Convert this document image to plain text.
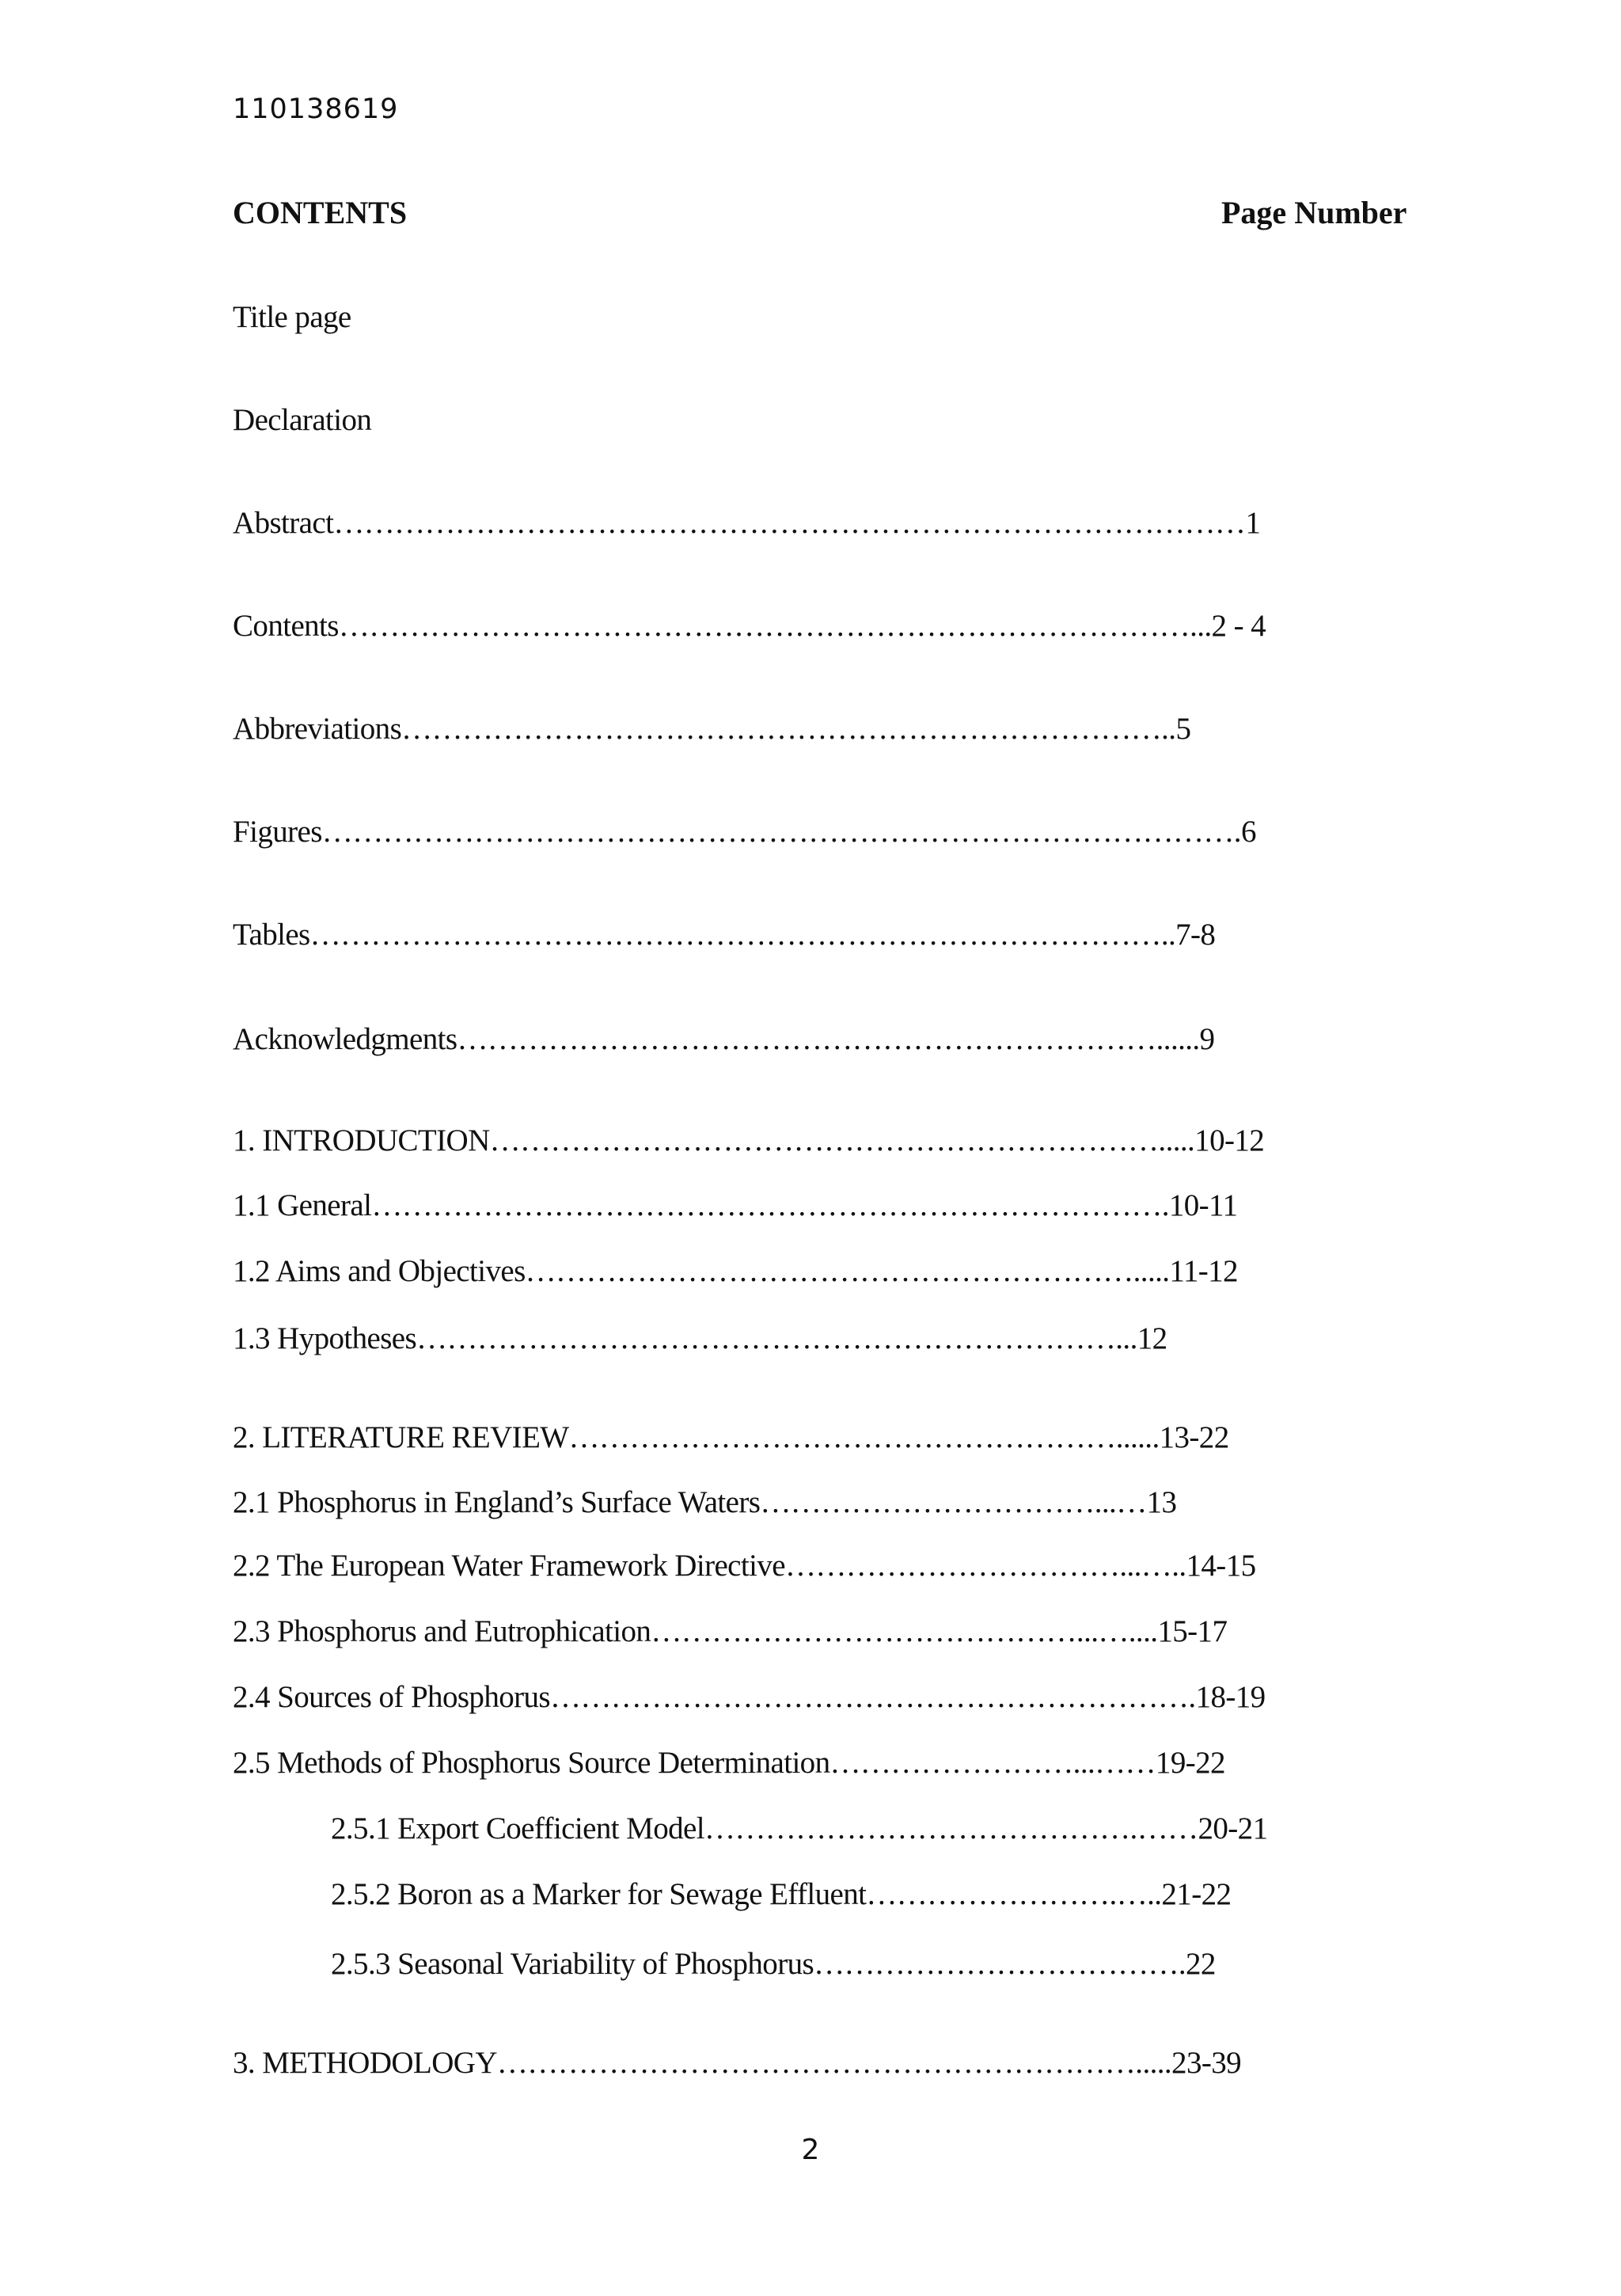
110138619
CONTENTS	Page Number
Title page
Declaration
Abstract………………………………………………………………………………1
Contents…………………………………………………………………………...2 - 4
Abbreviations…………………………………………………………………..5
Figures……………………………………………………………………………….6
Tables…………………………………………………………………………..7-8
Acknowledgments……………………………………………………………......9
1. INTRODUCTION………………………………………………………….....10-12
1.1 General…………………………………………………………………….10-11
1.2 Aims and Objectives…………………………………………………….....11-12
1.3 Hypotheses……………………………………………………………...12
2. LITERATURE REVIEW………………………………………………......13-22
2.1 Phosphorus in England’s Surface Waters……………………………...…13
2.2 The European Water Framework Directive……………………………...…..14-15
2.3 Phosphorus and Eutrophication……………………………………...…....15-17
2.4 Sources of Phosphorus……………………………………………………….18-19
2.5 Methods of Phosphorus Source Determination……………………...……19-22
2.5.1 Export Coefficient Model…………………………………….……20-21
2.5.2 Boron as a Marker for Sewage Effluent…………………….…..21-22
2.5.3 Seasonal Variability of Phosphorus……………………………….22
3. METHODOLOGY……………………………………………………….....23-39
2
